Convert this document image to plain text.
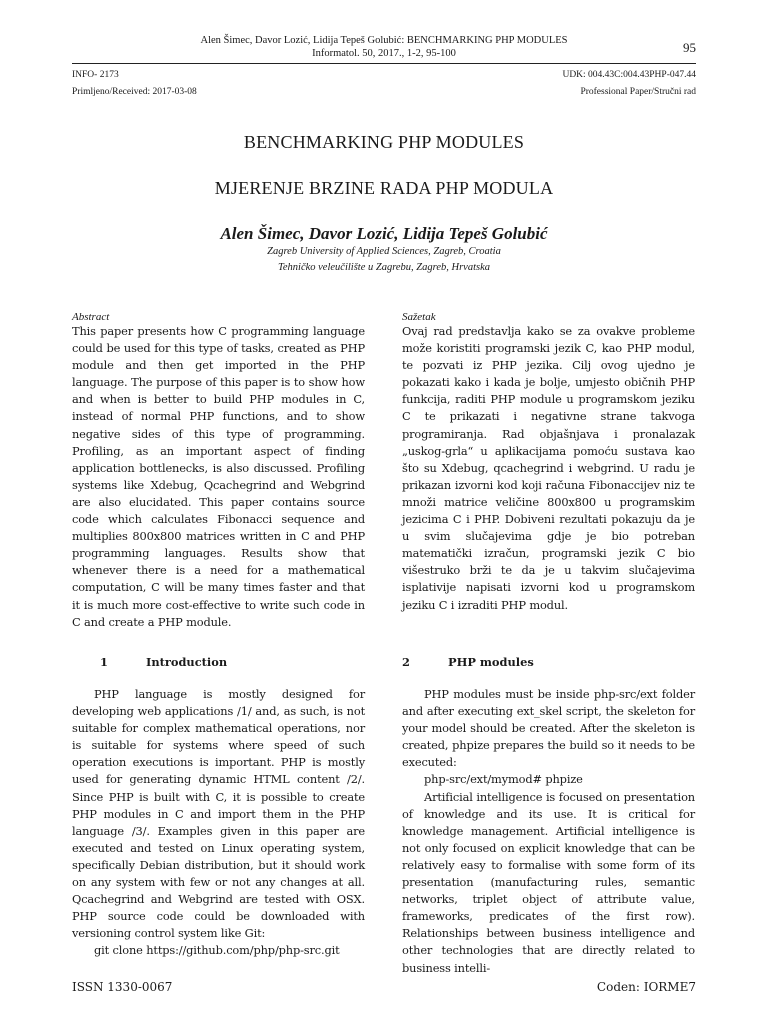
Alen Šimec, Davor Lozić, Lidija Tepeš Golubić: BENCHMARKING PHP MODULES
Informatol. 50, 2017., 1-2, 95-100	95
INFO- 2173
Primljeno/Received: 2017-03-08
UDK: 004.43C:004.43PHP-047.44
Professional Paper/Stručni rad
BENCHMARKING PHP MODULES
MJERENJE BRZINE RADA PHP MODULA
Alen Šimec, Davor Lozić, Lidija Tepeš Golubić
Zagreb University of Applied Sciences, Zagreb, Croatia
Tehničko veleučilište u Zagrebu, Zagreb, Hrvatska
Abstract
This paper presents how C programming language could be used for this type of tasks, created as PHP module and then get imported in the PHP language. The purpose of this paper is to show how and when is better to build PHP modules in C, instead of normal PHP functions, and to show negative sides of this type of programming. Profiling, as an important aspect of finding application bottlenecks, is also discussed. Profiling systems like Xdebug, Qcachegrind and Webgrind are also elucidated. This paper contains source code which calculates Fibonacci sequence and multiplies 800x800 matrices written in C and PHP programming languages. Results show that whenever there is a need for a mathematical computation, C will be many times faster and that it is much more cost-effective to write such code in C and create a PHP module.
Sažetak
Ovaj rad predstavlja kako se za ovakve probleme može koristiti programski jezik C, kao PHP modul, te pozvati iz PHP jezika. Cilj ovog ujedno je pokazati kako i kada je bolje, umjesto običnih PHP funkcija, raditi PHP module u programskom jeziku C te prikazati i negativne strane takvoga programiranja. Rad objašnjava i pronalazak „uskog-grla“ u aplikacijama pomoću sustava kao što su Xdebug, qcachegrind i webgrind. U radu je prikazan izvorni kod koji računa Fibonaccijev niz te množi matrice veličine 800x800 u programskim jezicima C i PHP. Dobiveni rezultati pokazuju da je u svim slučajevima gdje je bio potreban matematički izračun, programski jezik C bio višestruko brži te da je u takvim slučajevima isplativije napisati izvorni kod u programskom jeziku C i izraditi PHP modul.
1	Introduction

PHP language is mostly designed for developing web applications /1/ and, as such, is not suitable for complex mathematical operations, nor is suitable for systems where speed of such operation executions is important. PHP is mostly used for generating dynamic HTML content /2/. Since PHP is built with C, it is possible to create PHP modules in C and import them in the PHP language /3/. Examples given in this paper are executed and tested on Linux operating system, specifically Debian distribution, but it should work on any system with few or not any changes at all. Qcachegrind and Webgrind are tested with OSX. PHP source code could be downloaded with versioning control system like Git:

git clone https://github.com/php/php-src.git

2	PHP modules

PHP modules must be inside php-src/ext folder and after executing ext_skel script, the skeleton for your model should be created. After the skeleton is created, phpize prepares the build so it needs to be executed:

php-src/ext/mymod# phpize

Artificial intelligence is focused on presentation of knowledge and its use. It is critical for knowledge management. Artificial intelligence is not only focused on explicit knowledge that can be relatively easy to formalise with some form of its presentation (manufacturing rules, semantic networks, triplet object of attribute value, frameworks, predicates of the first row). Relationships between business intelligence and other technologies that are directly related to business intelli-

ISSN 1330-0067	Coden: IORME7
